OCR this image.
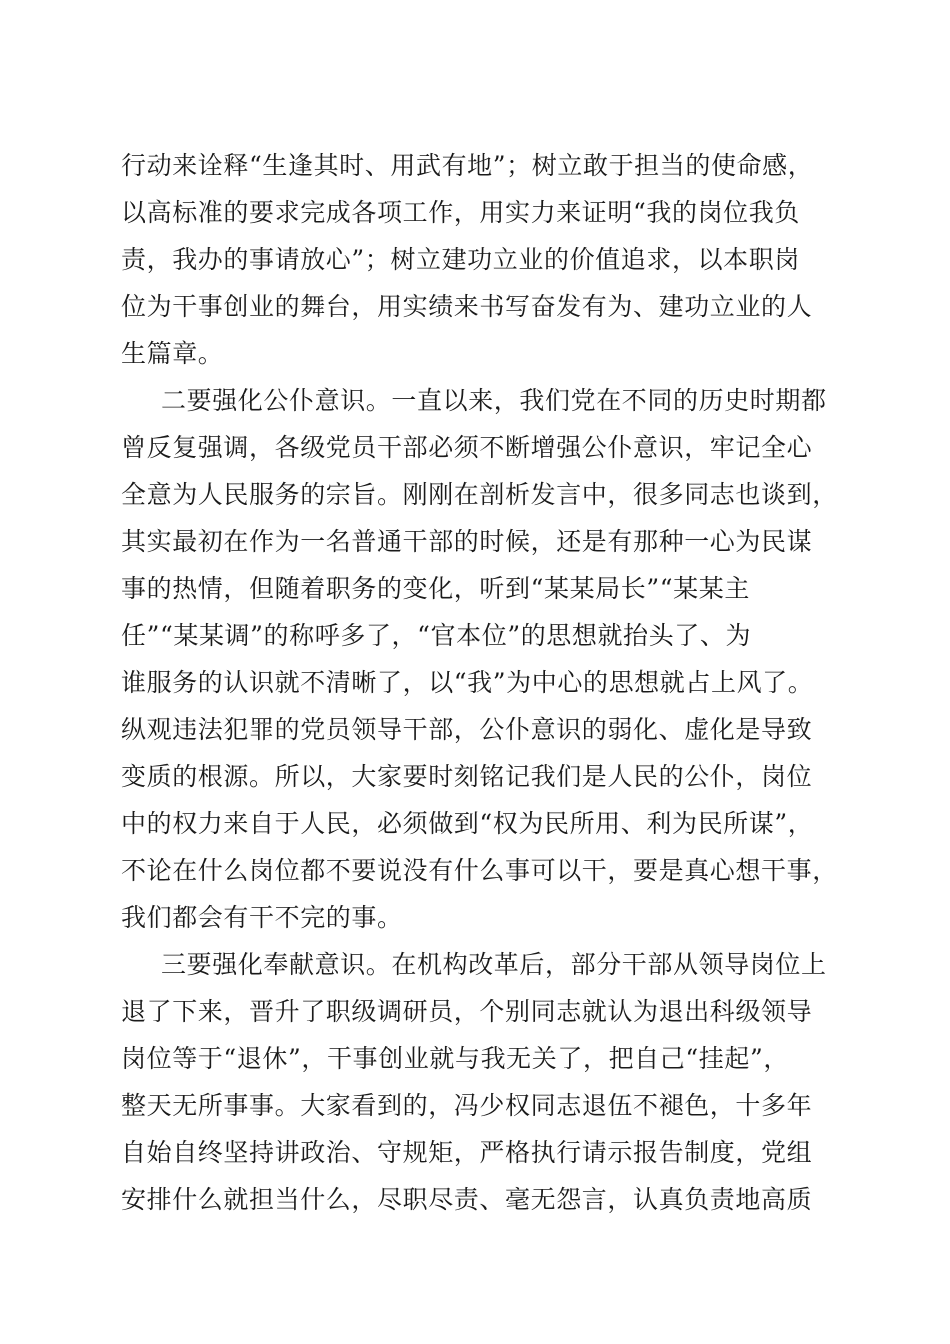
行动来诠释“生逢其时、用武有地”；树立敢于担当的使命感，
以高标准的要求完成各项工作，用实力来证明“我的岗位我负
责，我办的事请放心”；树立建功立业的价值追求，以本职岗
位为干事创业的舞台，用实绩来书写奋发有为、建功立业的人
生篇章。
二要强化公仆意识。一直以来，我们党在不同的历史时期都
曾反复强调，各级党员干部必须不断增强公仆意识，牢记全心
全意为人民服务的宗旨。刚刚在剖析发言中，很多同志也谈到，
其实最初在作为一名普通干部的时候，还是有那种一心为民谋
事的热情，但随着职务的变化，听到“某某局长”“某某主
任”“某某调”的称呼多了，“官本位”的思想就抬头了、为
谁服务的认识就不清晰了，以“我”为中心的思想就占上风了。
纵观违法犯罪的党员领导干部，公仆意识的弱化、虚化是导致
变质的根源。所以，大家要时刻铭记我们是人民的公仆，岗位
中的权力来自于人民，必须做到“权为民所用、利为民所谋”，
不论在什么岗位都不要说没有什么事可以干，要是真心想干事，
我们都会有干不完的事。
三要强化奉献意识。在机构改革后，部分干部从领导岗位上
退了下来，晋升了职级调研员，个别同志就认为退出科级领导
岗位等于“退休”，干事创业就与我无关了，把自己“挂起”，
整天无所事事。大家看到的，冯少权同志退伍不褪色，十多年
自始自终坚持讲政治、守规矩，严格执行请示报告制度，党组
安排什么就担当什么，尽职尽责、毫无怨言，认真负责地高质
